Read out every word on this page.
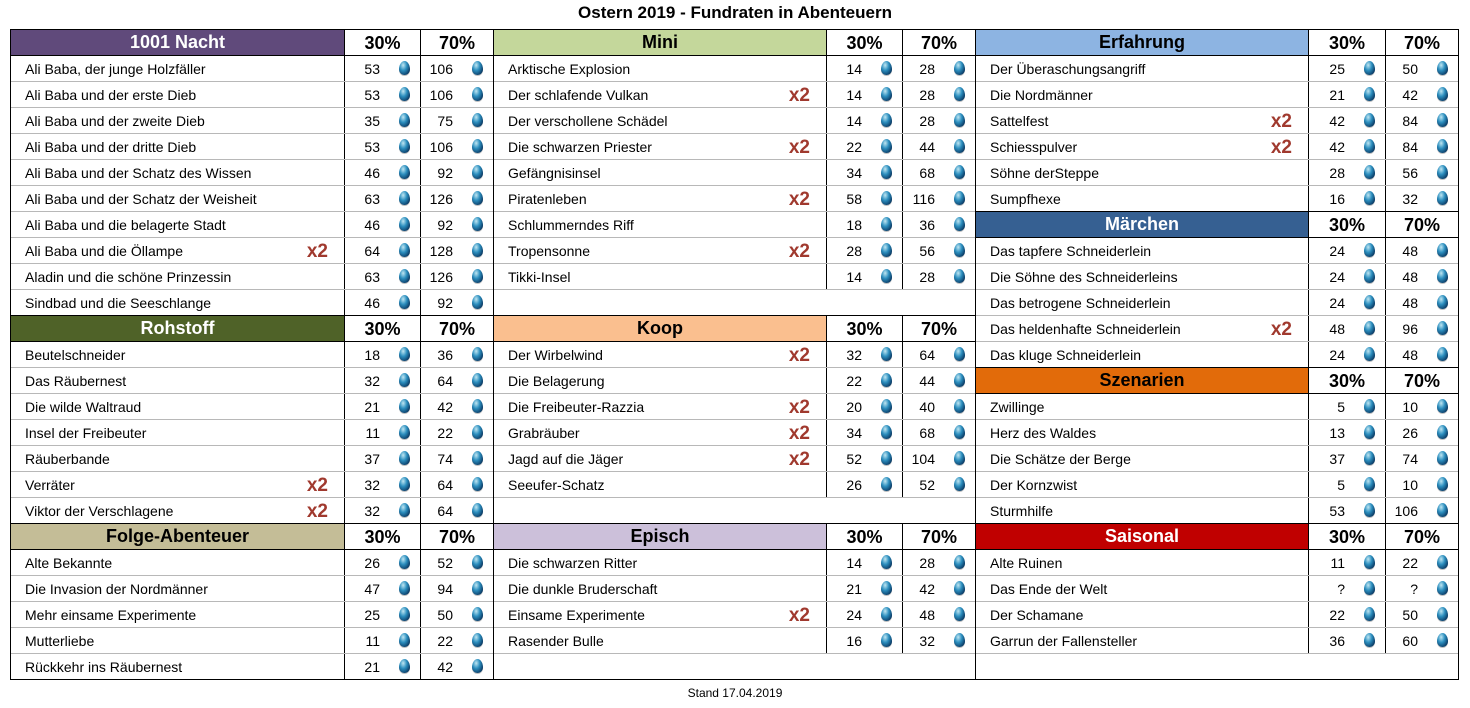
Ostern 2019 - Fundraten in Abenteuern
1001 Nacht	30%	70%
Ali Baba, der junge Holzfäller	53	106
Ali Baba und der erste Dieb	53	106
Ali Baba und der zweite Dieb	35	75
Ali Baba und der dritte Dieb	53	106
Ali Baba und der Schatz des Wissen	46	92
Ali Baba und der Schatz der Weisheit	63	126
Ali Baba und die belagerte Stadt	46	92
Ali Baba und die Öllampe	x2	64	128
Aladin und die schöne Prinzessin	63	126
Sindbad und die Seeschlange	46	92
Rohstoff	30%	70%
Beutelschneider	18	36
Das Räubernest	32	64
Die wilde Waltraud	21	42
Insel der Freibeuter	11	22
Räuberbande	37	74
Verräter	x2	32	64
Viktor der Verschlagene	x2	32	64
Folge-Abenteuer	30%	70%
Alte Bekannte	26	52
Die Invasion der Nordmänner	47	94
Mehr einsame Experimente	25	50
Mutterliebe	11	22
Rückkehr ins Räubernest	21	42
Mini	30%	70%
Arktische Explosion	14	28
Der schlafende Vulkan	x2	14	28
Der verschollene Schädel	14	28
Die schwarzen Priester	x2	22	44
Gefängnisinsel	34	68
Piratenleben	x2	58	116
Schlummerndes Riff	18	36
Tropensonne	x2	28	56
Tikki-Insel	14	28
Koop	30%	70%
Der Wirbelwind	x2	32	64
Die Belagerung	22	44
Die Freibeuter-Razzia	x2	20	40
Grabräuber	x2	34	68
Jagd auf die Jäger	x2	52	104
Seeufer-Schatz	26	52
Episch	30%	70%
Die schwarzen Ritter	14	28
Die dunkle Bruderschaft	21	42
Einsame Experimente	x2	24	48
Rasender Bulle	16	32
Erfahrung	30%	70%
Der Überaschungsangriff	25	50
Die Nordmänner	21	42
Sattelfest	x2	42	84
Schiesspulver	x2	42	84
Söhne derSteppe	28	56
Sumpfhexe	16	32
Märchen	30%	70%
Das tapfere Schneiderlein	24	48
Die Söhne des Schneiderleins	24	48
Das betrogene Schneiderlein	24	48
Das heldenhafte Schneiderlein	x2	48	96
Das kluge Schneiderlein	24	48
Szenarien	30%	70%
Zwillinge	5	10
Herz des Waldes	13	26
Die Schätze der Berge	37	74
Der Kornzwist	5	10
Sturmhilfe	53	106
Saisonal	30%	70%
Alte Ruinen	11	22
Das Ende der Welt	?	?
Der Schamane	22	50
Garrun der Fallensteller	36	60
Stand 17.04.2019
